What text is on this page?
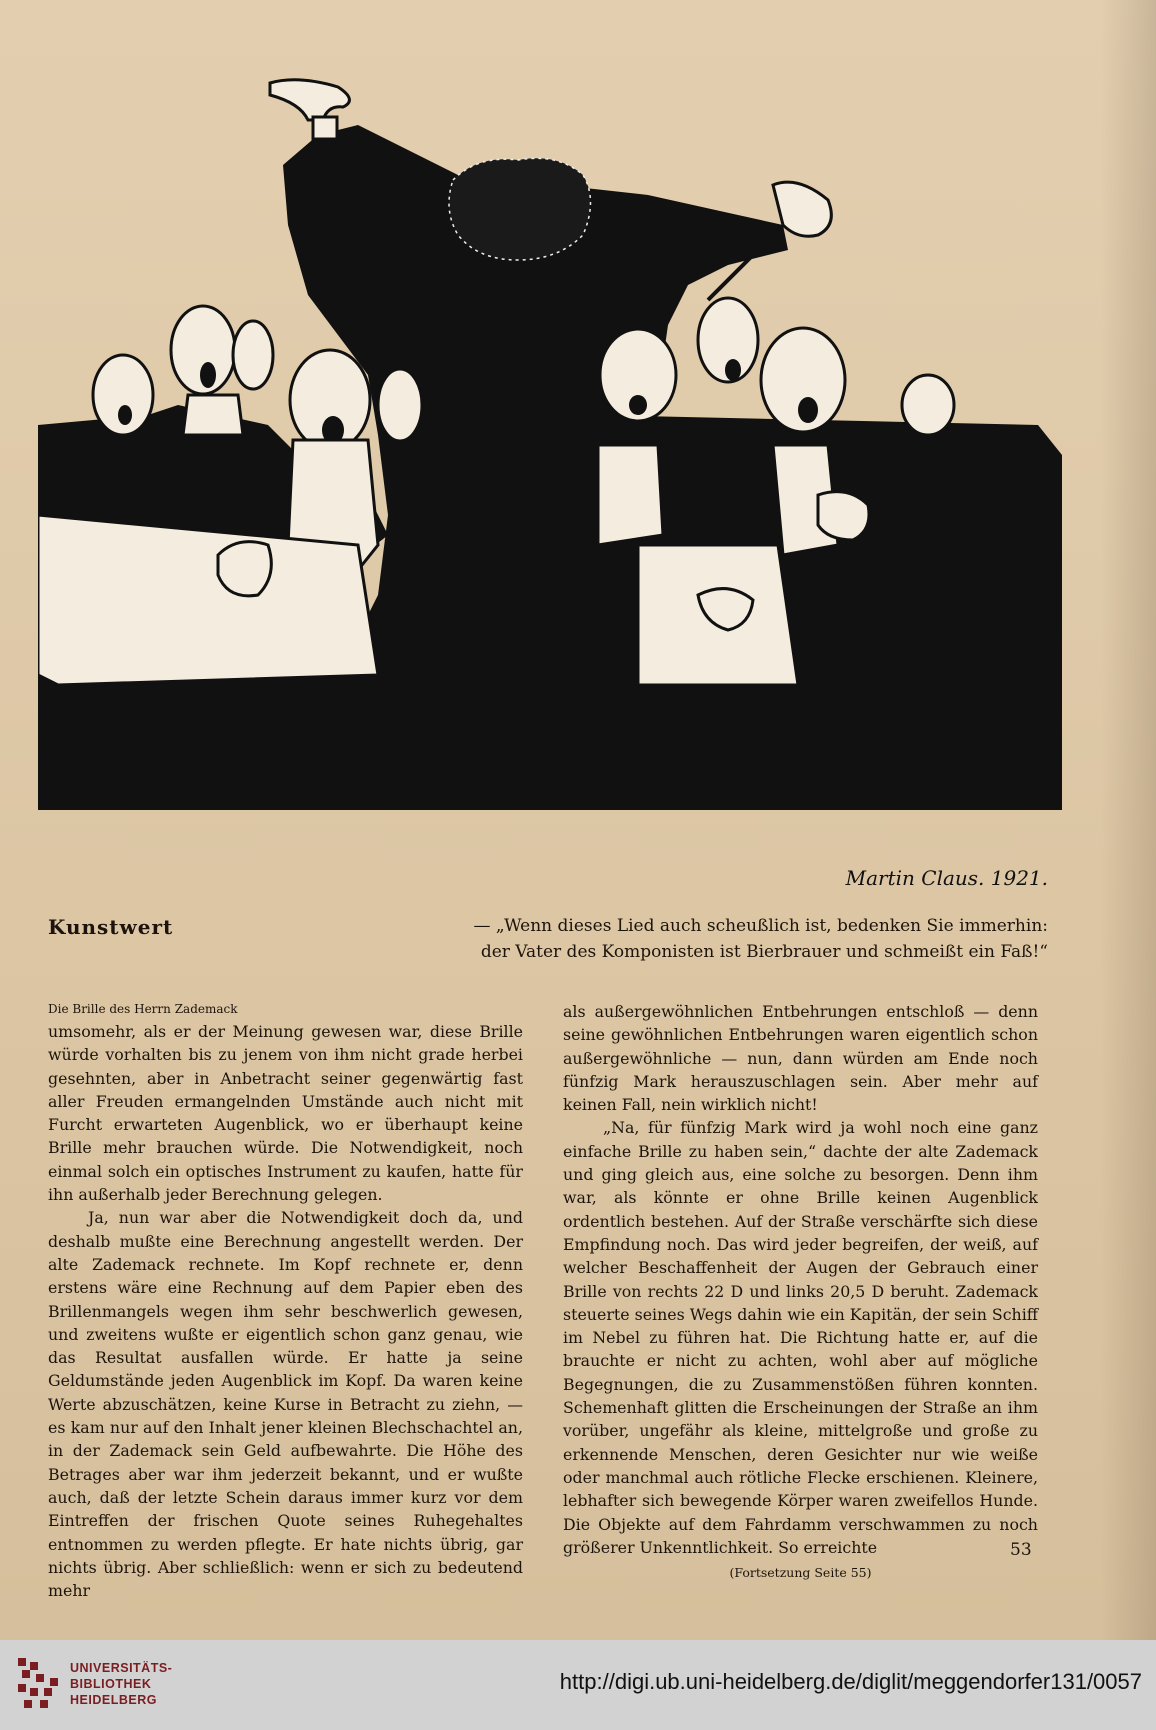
Martin Claus. 1921.
Kunstwert	— „Wenn dieses Lied auch scheußlich ist, bedenken Sie immerhin:
der Vater des Komponisten ist Bierbrauer und schmeißt ein Faß!“
Die Brille des Herrn Zademack

umsomehr, als er der Meinung gewesen war, diese Brille würde vorhalten bis zu jenem von ihm nicht grade herbei gesehnten, aber in Anbetracht seiner gegenwärtig fast aller Freuden ermangelnden Umstände auch nicht mit Furcht erwarteten Augenblick, wo er überhaupt keine Brille mehr brauchen würde. Die Notwendigkeit, noch einmal solch ein optisches Instrument zu kaufen, hatte für ihn außerhalb jeder Berechnung gelegen.

Ja, nun war aber die Notwendigkeit doch da, und deshalb mußte eine Berechnung angestellt werden. Der alte Zademack rechnete. Im Kopf rechnete er, denn erstens wäre eine Rechnung auf dem Papier eben des Brillenmangels wegen ihm sehr beschwerlich gewesen, und zweitens wußte er eigentlich schon ganz genau, wie das Resultat ausfallen würde. Er hatte ja seine Geldumstände jeden Augenblick im Kopf. Da waren keine Werte abzuschätzen, keine Kurse in Betracht zu ziehn, — es kam nur auf den Inhalt jener kleinen Blechschachtel an, in der Zademack sein Geld aufbewahrte. Die Höhe des Betrages aber war ihm jederzeit bekannt, und er wußte auch, daß der letzte Schein daraus immer kurz vor dem Eintreffen der frischen Quote seines Ruhegehaltes entnommen zu werden pflegte. Er hate nichts übrig, gar nichts übrig. Aber schließlich: wenn er sich zu bedeutend mehr

als außergewöhnlichen Entbehrungen entschloß — denn seine gewöhnlichen Entbehrungen waren eigentlich schon außergewöhnliche — nun, dann würden am Ende noch fünfzig Mark herauszuschlagen sein. Aber mehr auf keinen Fall, nein wirklich nicht!

„Na, für fünfzig Mark wird ja wohl noch eine ganz einfache Brille zu haben sein,“ dachte der alte Zademack und ging gleich aus, eine solche zu besorgen. Denn ihm war, als könnte er ohne Brille keinen Augenblick ordentlich bestehen. Auf der Straße verschärfte sich diese Empfindung noch. Das wird jeder begreifen, der weiß, auf welcher Beschaffenheit der Augen der Gebrauch einer Brille von rechts 22 D und links 20,5 D beruht. Zademack steuerte seines Wegs dahin wie ein Kapitän, der sein Schiff im Nebel zu führen hat. Die Richtung hatte er, auf die brauchte er nicht zu achten, wohl aber auf mögliche Begegnungen, die zu Zusammenstößen führen konnten. Schemenhaft glitten die Erscheinungen der Straße an ihm vorüber, ungefähr als kleine, mittelgroße und große zu erkennende Menschen, deren Gesichter nur wie weiße oder manchmal auch rötliche Flecke erschienen. Kleinere, lebhafter sich bewegende Körper waren zweifellos Hunde. Die Objekte auf dem Fahrdamm verschwammen zu noch größerer Unkenntlichkeit. So erreichte

(Fortsetzung Seite 55)
53
UNIVERSITÄTS-
BIBLIOTHEK
HEIDELBERG
http://digi.ub.uni-heidelberg.de/diglit/meggendorfer131/0057
